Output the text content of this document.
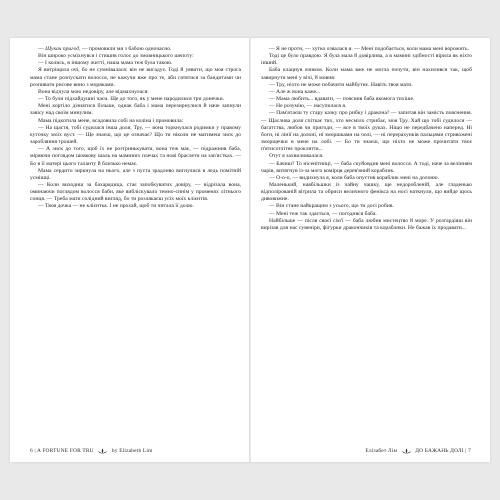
— Шукач пригод, — промовили ми з бабою одночасно.

Він широко усміхнувся і стишив голос до змовницького шепоту:

— І колись, в іншому житті, наша мама теж була такою.

Я витріщила очі, бо не сумнівалася: він не вигадує. Годі й уявити, що моя строга мама стане розпускати волосся, не кажучи вже про те, аби гатятися за бандитами чи розпивати рисове вино з моряками.

Вона відчула мою недовіру, але відмахнулася:

— То були підхайдушні часи. Ще до того, як у мене народилися три донечки.

Мені кортіло дізнатися більше, однак баба і мама перезирнулися й наче запнули завісу над своїм минулим.

Мама підкотила мене, всадовила собі на коліна і промовила:

— На щастя, тобі судилася інша доля, Тру, — вона торкнулася родимки у правому куточку моїх вуст. — Ще знаєш, що це означає? Що ти ніколи не матимеш зиск до заробляння грошей.

— А зиск до того, щоб їх не розтринькувати, вона теж має, — підражнив баба, міряючи поглядом шовкову шаль на маминих плечах та нові браслети на зап'ястках. — Бо в її матері цього таланту й близько немає.

Мама сердито зиркнула на нього, але з пуста зрадливо вигнулися в ледь помітній усмішці.

— Коли виходиш за бахарядица, стає запобкуватих довіру, — відрізала вона, оминаючи поглядом волосся баби, яке вибліскувало темно-синім у променях літнього сонця. — Треба мати солідний вигляд, бо ти розлякаєш усіх моїх клієнтів.

— Твоя дочка — не клієнтка. І не прохай, щоб ти читала її долю.

— Я не проти, — хутко озвалася я. — Мені подобається, коли мама мені ворожить.

Тоді це було правдою. Я була мала й довірлива, а в мамині здібності вірила як ніхто інший.

Баба клацнув язиком. Коли мама вже не могла почути, він нахилився так, щоб завирнути мені у вічі, й мовив:

— Тру, ніхто не може побачити майбутнє. Навіть твоя мати.

— Але ж вона каже...

— Мама любить... вдавати, — пояснив баба якомога тихіше.

— Не розумію, — насупилася я.

— Пам'ятаєш ту стару казку про рибку і дракона? — запитав він замість пояснення. — Щаслива доля спіткає тих, хто несміло стрибає, моя Тру. Хай що тобі судилося — багатства, любов чи пригоди, — все в твоїх руках. Ніщо не передбачено наперед. Ні боги, ні лінії на долоні, ні зморшками на чолі, — ні перерахунків пальцями стривожені зморщечки в мене на лобі. — Бо ти знаєш, що ніхто не може прочитати твоє п'ятисотлітнє прокляття...

Отут я захвилювалася.

— Бачиш? То нісенітниці, — баба скуйовдив мені волосся. А тоді, наче за велінням чарів, витягнув із-за мого комірця дерев'яний кораблик.

— О-о-о, — видихнула я, коли баба опустив кораблик мені на долоню.

Маленький, навбільшки із чайну чашку, ще недоробленій, але гладенько відполірованій вітрила та обриси величного фенікса на носі наткнули, що вийде щось дивовижне.

— Він стане найкращим з усього, що ти досі робив.

— Мені теж так здається, — погодився баба.

Найбільше — після своєї сім'ї — баба любив мистецтво й море. У розгардіяш він вирізав для нас сувеніри, фігурки дракончиків та кораблики. Не бажав їх продавати...

6 | A FORTUNE FOR TRU	by Elizabeth Lim	Елізабет Лім	ДО БАЖАНЬ ДОЛІ | 7
